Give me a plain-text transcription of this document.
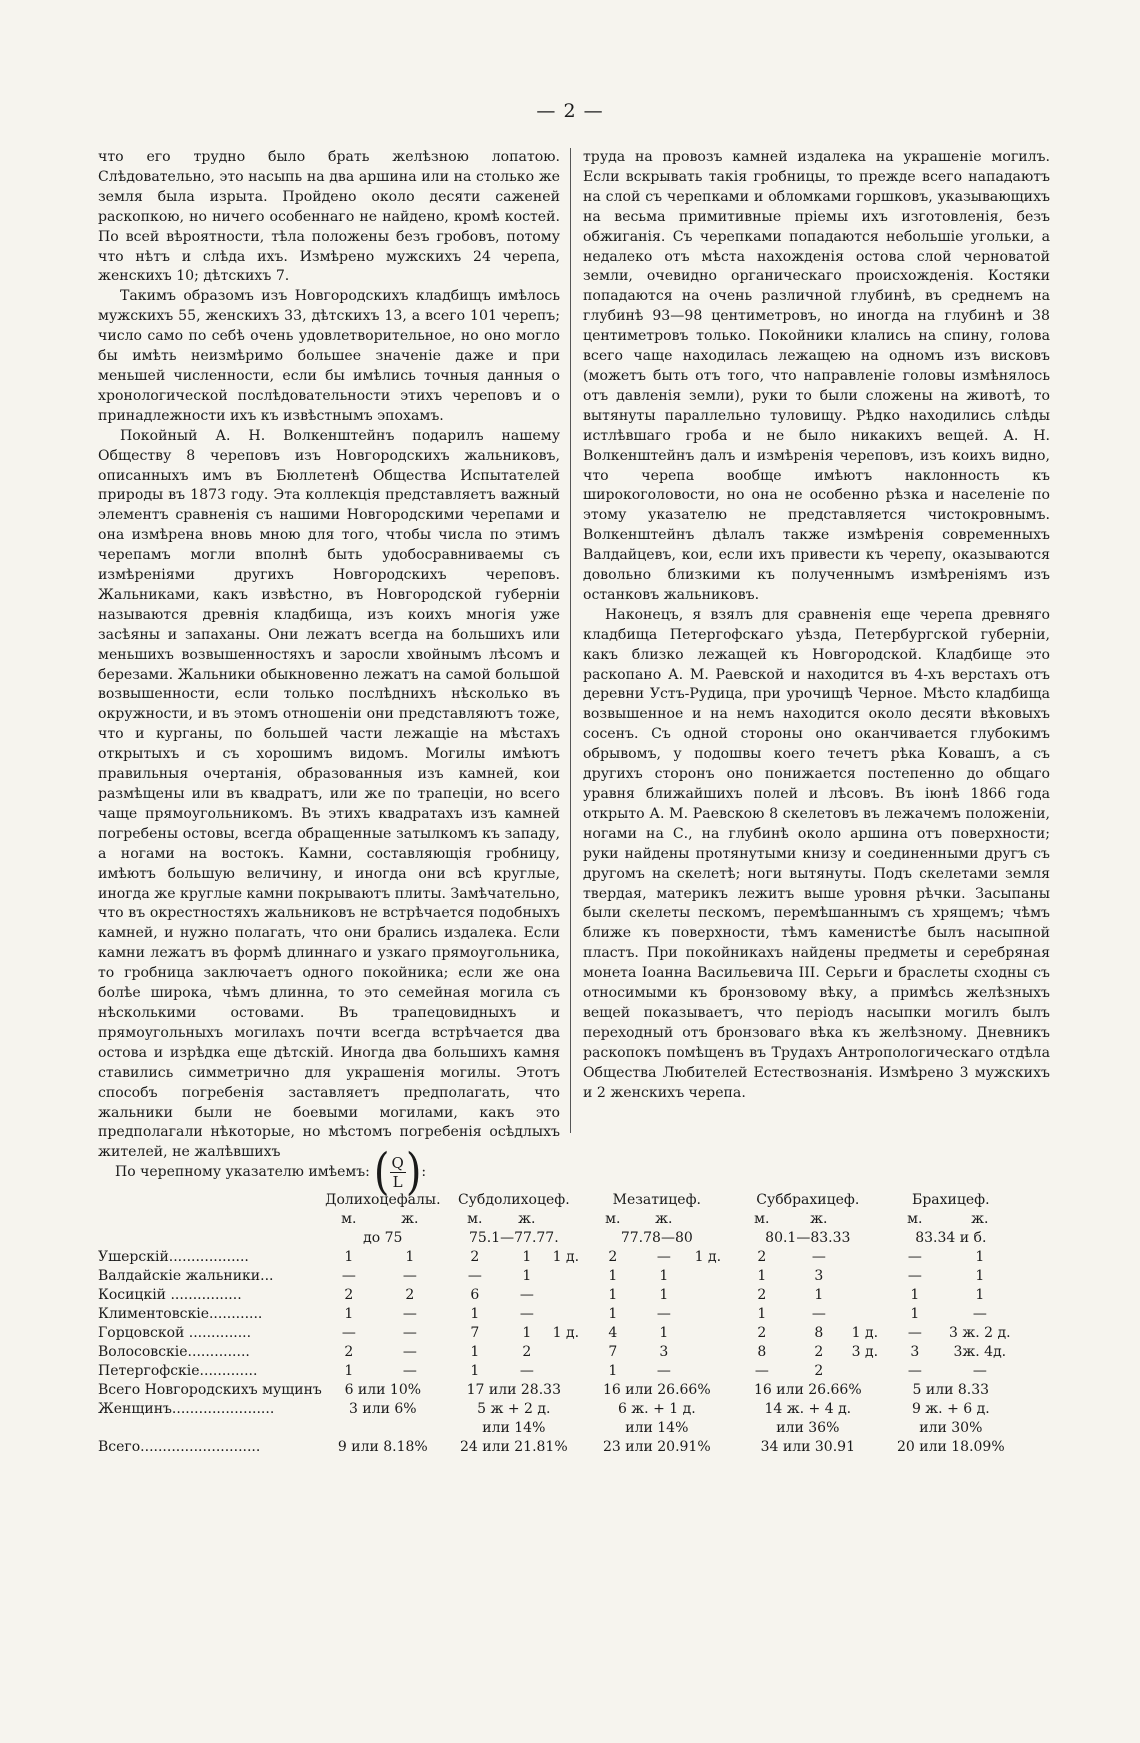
— 2 —

что его трудно было брать желѣзною лопатою. Слѣдовательно, это насыпь на два аршина или на столько же земля была изрыта. Пройдено около десяти саженей раскопкою, но ничего особеннаго не найдено, кромѣ костей. По всей вѣроятности, тѣла положены безъ гробовъ, потому что нѣтъ и слѣда ихъ. Измѣрено мужскихъ 24 черепа, женскихъ 10; дѣтскихъ 7.

Такимъ образомъ изъ Новгородскихъ кладбищъ имѣлось мужскихъ 55, женскихъ 33, дѣтскихъ 13, а всего 101 черепъ; число само по себѣ очень удовлетворительное, но оно могло бы имѣть неизмѣримо большее значеніе даже и при меньшей численности, если бы имѣлись точныя данныя о хронологической послѣдовательности этихъ череповъ и о принадлежности ихъ къ извѣстнымъ эпохамъ.

Покойный А. Н. Волкенштейнъ подарилъ нашему Обществу 8 череповъ изъ Новгородскихъ жальниковъ, описанныхъ имъ въ Бюллетенѣ Общества Испытателей природы въ 1873 году. Эта коллекція представляетъ важный элементъ сравненія съ нашими Новгородскими черепами и она измѣрена вновь мною для того, чтобы числа по этимъ черепамъ могли вполнѣ быть удобосравниваемы съ измѣреніями другихъ Новгородскихъ череповъ. Жальниками, какъ извѣстно, въ Новгородской губерніи называются древнія кладбища, изъ коихъ многія уже засѣяны и запаханы. Они лежатъ всегда на большихъ или меньшихъ возвышенностяхъ и заросли хвойнымъ лѣсомъ и березами. Жальники обыкновенно лежатъ на самой большой возвышенности, если только послѣднихъ нѣсколько въ окружности, и въ этомъ отношеніи они представляютъ тоже, что и курганы, по большей части лежащіе на мѣстахъ открытыхъ и съ хорошимъ видомъ. Могилы имѣютъ правильныя очертанія, образованныя изъ камней, кои размѣщены или въ квадратъ, или же по трапеціи, но всего чаще прямоугольникомъ. Въ этихъ квадратахъ изъ камней погребены остовы, всегда обращенные затылкомъ къ западу, а ногами на востокъ. Камни, составляющія гробницу, имѣютъ большую величину, и иногда они всѣ круглые, иногда же круглые камни покрываютъ плиты. Замѣчательно, что въ окрестностяхъ жальниковъ не встрѣчается подобныхъ камней, и нужно полагать, что они брались издалека. Если камни лежатъ въ формѣ длиннаго и узкаго прямоугольника, то гробница заключаетъ одного покойника; если же она болѣе широка, чѣмъ длинна, то это семейная могила съ нѣсколькими остовами. Въ трапецовидныхъ и прямоугольныхъ могилахъ почти всегда встрѣчается два остова и изрѣдка еще дѣтскій. Иногда два большихъ камня ставились симметрично для украшенія могилы. Этотъ способъ погребенія заставляетъ предполагать, что жальники были не боевыми могилами, какъ это предполагали нѣкоторые, но мѣстомъ погребенія осѣдлыхъ жителей, не жалѣвшихъ

труда на провозъ камней издалека на украшеніе могилъ. Если вскрывать такія гробницы, то прежде всего нападаютъ на слой съ черепками и обломками горшковъ, указывающихъ на весьма примитивные пріемы ихъ изготовленія, безъ обжиганія. Съ черепками попадаются небольшіе угольки, а недалеко отъ мѣста нахожденія остова слой черноватой земли, очевидно органическаго происхожденія. Костяки попадаются на очень различной глубинѣ, въ среднемъ на глубинѣ 93—98 центиметровъ, но иногда на глубинѣ и 38 центиметровъ только. Покойники клались на спину, голова всего чаще находилась лежащею на одномъ изъ висковъ (можетъ быть отъ того, что направленіе головы измѣнялось отъ давленія земли), руки то были сложены на животѣ, то вытянуты параллельно туловищу. Рѣдко находились слѣды истлѣвшаго гроба и не было никакихъ вещей. А. Н. Волкенштейнъ далъ и измѣренія череповъ, изъ коихъ видно, что черепа вообще имѣютъ наклонность къ широкоголовости, но она не особенно рѣзка и населеніе по этому указателю не представляется чистокровнымъ. Волкенштейнъ дѣлалъ также измѣренія современныхъ Валдайцевъ, кои, если ихъ привести къ черепу, оказываются довольно близкими къ полученнымъ измѣреніямъ изъ останковъ жальниковъ.

Наконецъ, я взялъ для сравненія еще черепа древняго кладбища Петергофскаго уѣзда, Петербургской губерніи, какъ близко лежащей къ Новгородской. Кладбище это раскопано А. М. Раевской и находится въ 4-хъ верстахъ отъ деревни Устъ-Рудица, при урочищѣ Черное. Мѣсто кладбища возвышенное и на немъ находится около десяти вѣковыхъ сосенъ. Съ одной стороны оно оканчивается глубокимъ обрывомъ, у подошвы коего течетъ рѣка Ковашъ, а съ другихъ сторонъ оно понижается постепенно до общаго уравня ближайшихъ полей и лѣсовъ. Въ іюнѣ 1866 года открыто А. М. Раевскою 8 скелетовъ въ лежачемъ положеніи, ногами на С., на глубинѣ около аршина отъ поверхности; руки найдены протянутыми книзу и соединенными другъ съ другомъ на скелетѣ; ноги вытянуты. Подъ скелетами земля твердая, материкъ лежитъ выше уровня рѣчки. Засыпаны были скелеты пескомъ, перемѣшаннымъ съ хрящемъ; чѣмъ ближе къ поверхности, тѣмъ каменистѣе былъ насыпной пластъ. При покойникахъ найдены предметы и серебряная монета Іоанна Васильевича III. Серьги и браслеты сходны съ относимыми къ бронзовому вѣку, а примѣсь желѣзныхъ вещей показываетъ, что періодъ насыпки могилъ былъ переходный отъ бронзоваго вѣка къ желѣзному. Дневникъ раскопокъ помѣщенъ въ Трудахъ Антропологическаго отдѣла Общества Любителей Естествознанія. Измѣрено 3 мужскихъ и 2 женскихъ черепа.

По черепному указателю имѣемъ: ( $\frac{Q}{L}$ ) :
	Долихоцефалы.		Субдолихоцеф.			Мезатицеф.			Суббрахицеф.			Брахицеф.	
	м.	ж.	м.	ж.		м.	ж.		м.	ж.		м.	ж.
	до 75		75.1—77.77.			77.78—80			80.1—83.33			83.34 и б.	
Ушерскій..................	1	1	2	1	1 д.	2	—	1 д.	2	—		—	1
Валдайскіе жальники...	—	—	—	1		1	1		1	3		—	1
Косицкій ................	2	2	6	—		1	1		2	1		1	1
Климентовскіе............	1	—	1	—		1	—		1	—		1	—
Горцовской ..............	—	—	7	1	1 д.	4	1		2	8	1 д.	—	3 ж. 2 д.
Волосовскіе..............	2	—	1	2		7	3		8	2	3 д.	3	3ж. 4д.
Петергофскіе.............	1	—	1	—		1	—		—	2		—	—
Всего Новгородскихъ мущинъ	6 или 10%		17 или 28.33			16 или 26.66%			16 или 26.66%			5 или 8.33	
Женщинъ.......................	3 или 6%		5 ж + 2 д.			6 ж. + 1 д.			14 ж. + 4 д.			9 ж. + 6 д.	
			или 14%			или 14%			или 36%			или 30%	
Всего...........................	9 или 8.18%		24 или 21.81%			23 или 20.91%			34 или 30.91			20 или 18.09%	
